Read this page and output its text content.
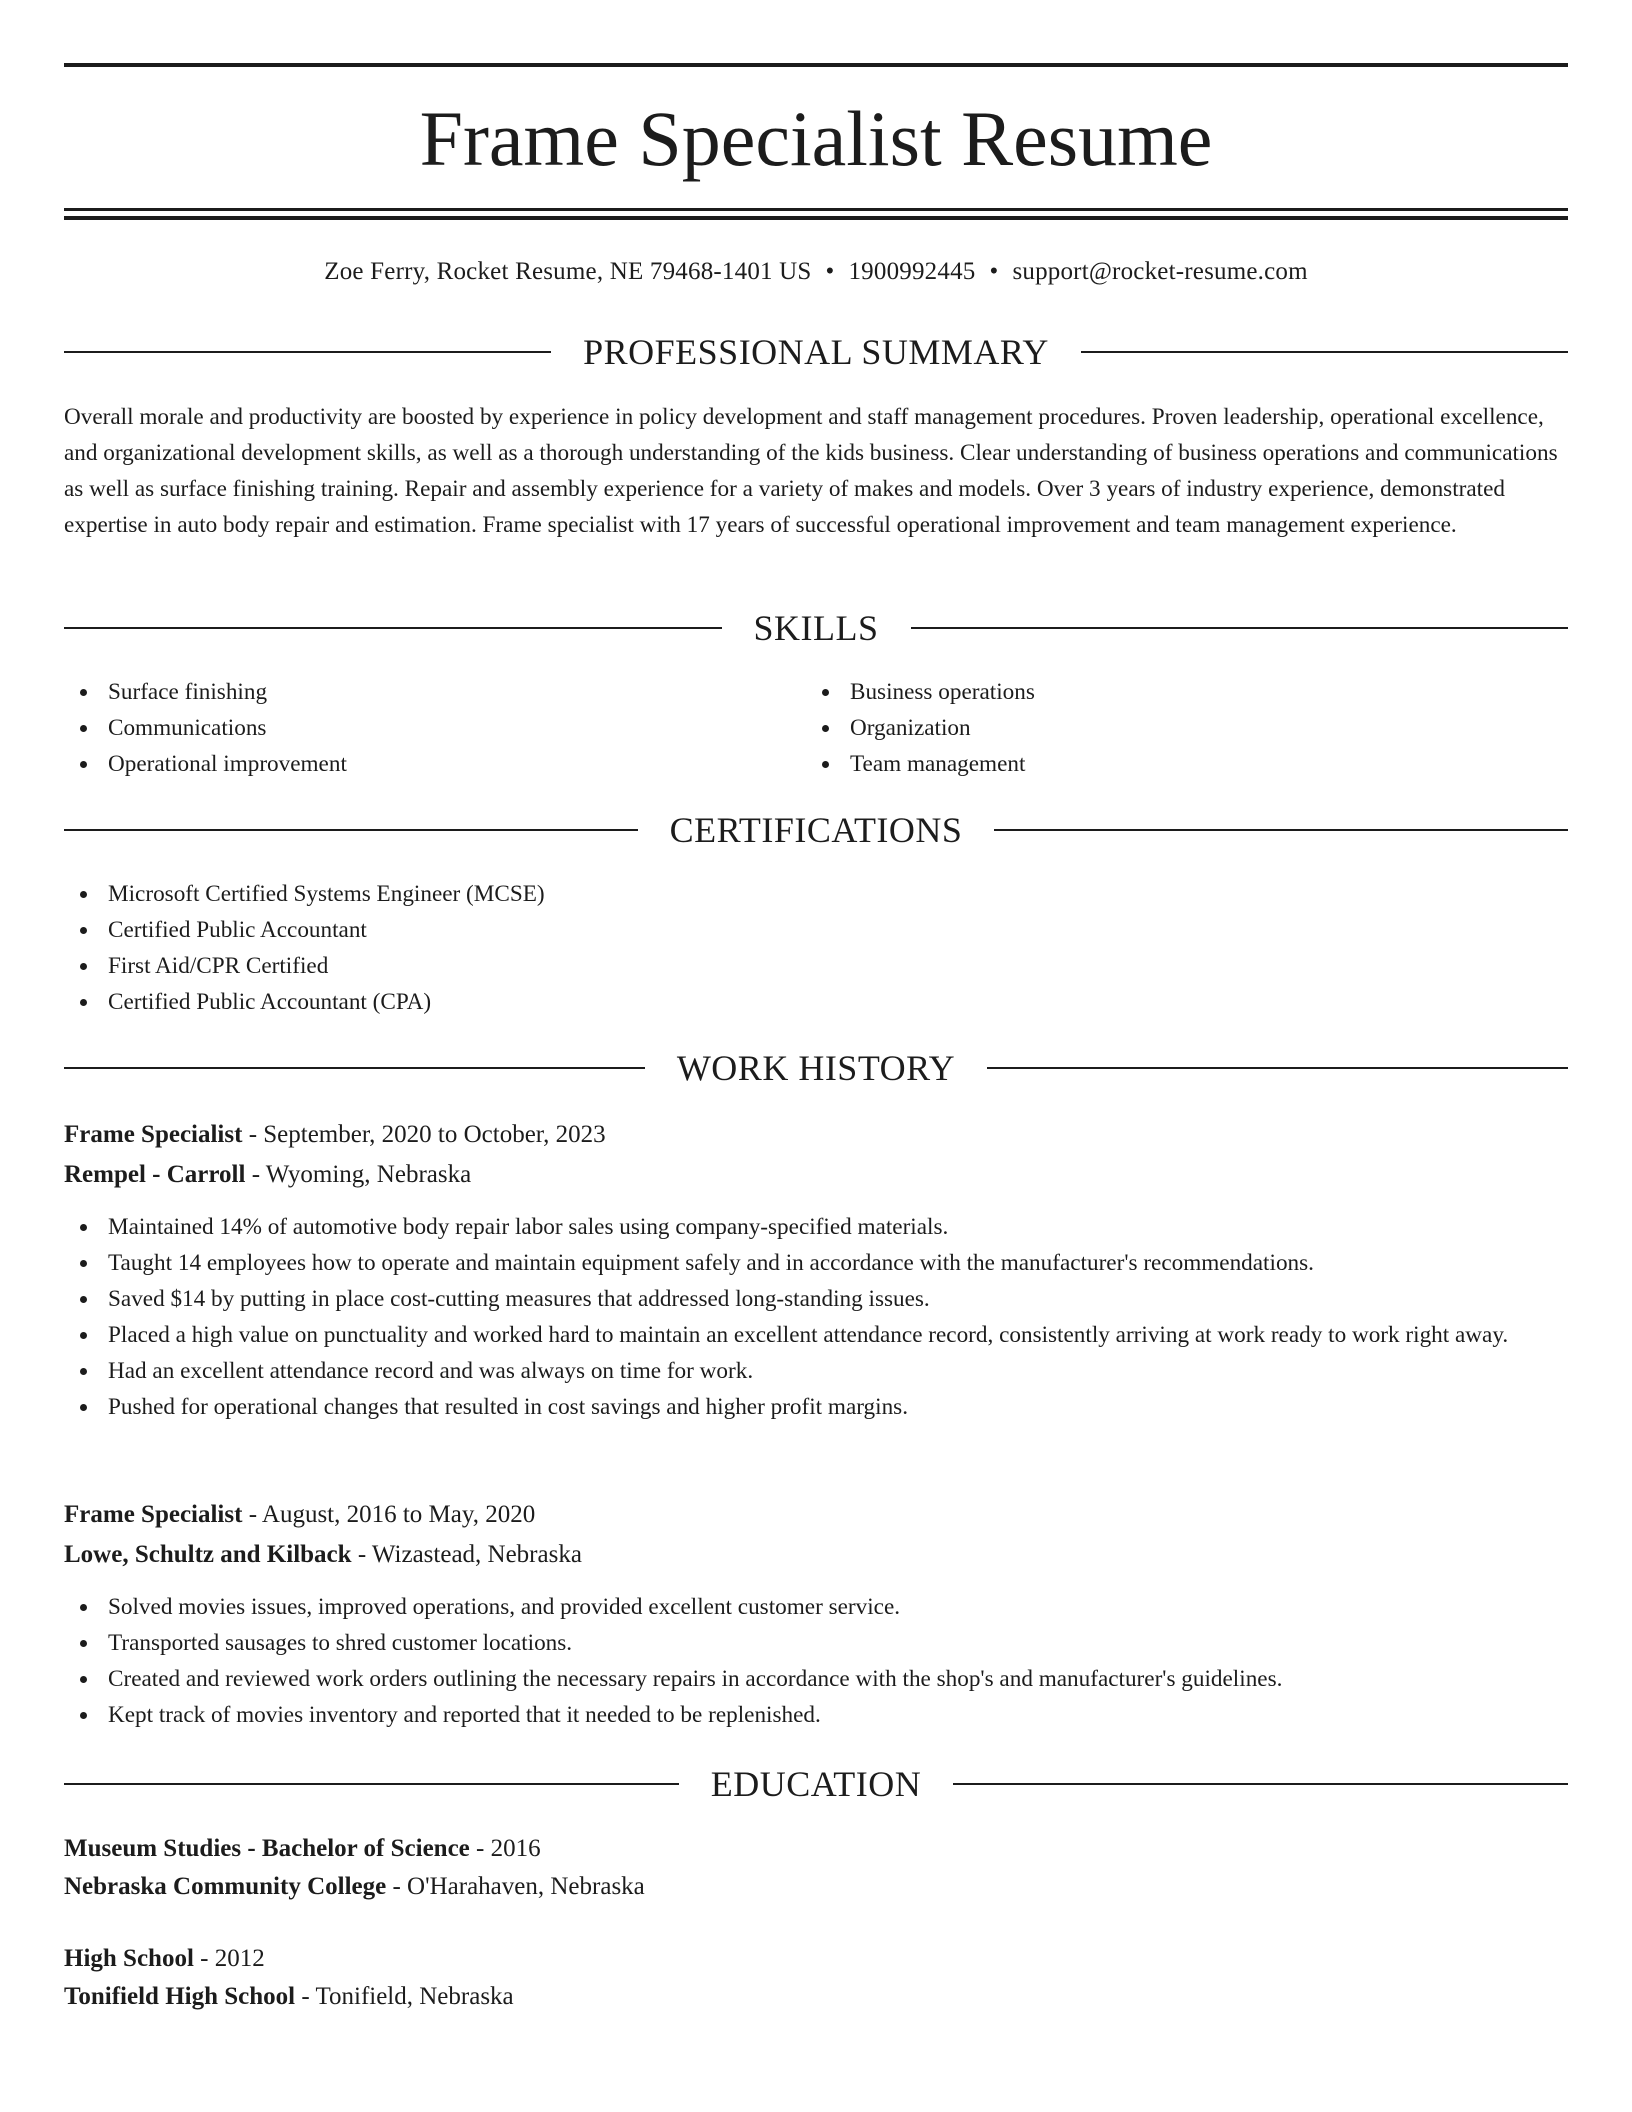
Frame Specialist Resume
Zoe Ferry, Rocket Resume, NE 79468-1401 US • 1900992445 • support@rocket-resume.com
PROFESSIONAL SUMMARY

Overall morale and productivity are boosted by experience in policy development and staff management procedures. Proven leadership, operational excellence, and organizational development skills, as well as a thorough understanding of the kids business. Clear understanding of business operations and communications as well as surface finishing training. Repair and assembly experience for a variety of makes and models. Over 3 years of industry experience, demonstrated expertise in auto body repair and estimation. Frame specialist with 17 years of successful operational improvement and team management experience.

SKILLS
Surface finishing
Communications
Operational improvement
Business operations
Organization
Team management
CERTIFICATIONS
Microsoft Certified Systems Engineer (MCSE)
Certified Public Accountant
First Aid/CPR Certified
Certified Public Accountant (CPA)
WORK HISTORY
Frame Specialist - September, 2020 to October, 2023
Rempel - Carroll - Wyoming, Nebraska
Maintained 14% of automotive body repair labor sales using company-specified materials.
Taught 14 employees how to operate and maintain equipment safely and in accordance with the manufacturer's recommendations.
Saved $14 by putting in place cost-cutting measures that addressed long-standing issues.
Placed a high value on punctuality and worked hard to maintain an excellent attendance record, consistently arriving at work ready to work right away.
Had an excellent attendance record and was always on time for work.
Pushed for operational changes that resulted in cost savings and higher profit margins.
Frame Specialist - August, 2016 to May, 2020
Lowe, Schultz and Kilback - Wizastead, Nebraska
Solved movies issues, improved operations, and provided excellent customer service.
Transported sausages to shred customer locations.
Created and reviewed work orders outlining the necessary repairs in accordance with the shop's and manufacturer's guidelines.
Kept track of movies inventory and reported that it needed to be replenished.
EDUCATION
Museum Studies - Bachelor of Science - 2016
Nebraska Community College - O'Harahaven, Nebraska
High School - 2012
Tonifield High School - Tonifield, Nebraska
